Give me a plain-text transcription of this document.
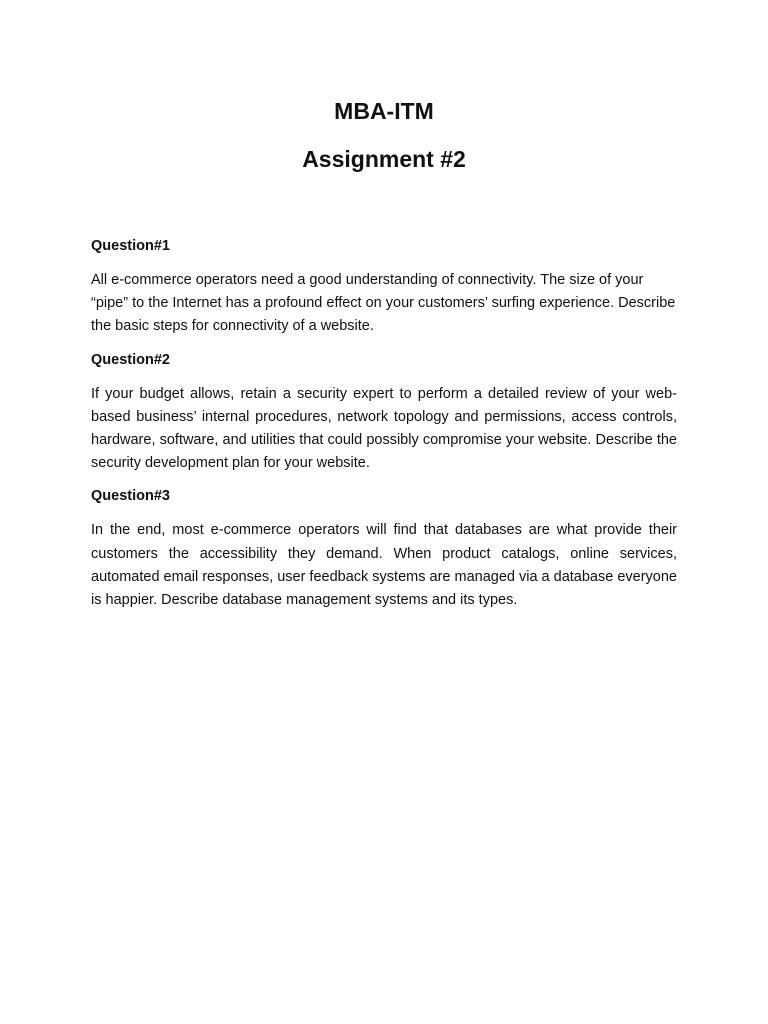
MBA-ITM
Assignment #2

Question#1

All e-commerce operators need a good understanding of connectivity. The size of your “pipe” to the Internet has a profound effect on your customers’ surfing experience. Describe the basic steps for connectivity of a website.

Question#2

If your budget allows, retain a security expert to perform a detailed review of your web-based business’ internal procedures, network topology and permissions, access controls, hardware, software, and utilities that could possibly compromise your website. Describe the security development plan for your website.

Question#3

In the end, most e-commerce operators will find that databases are what provide their customers the accessibility they demand. When product catalogs, online services, automated email responses, user feedback systems are managed via a database everyone is happier. Describe database management systems and its types.
